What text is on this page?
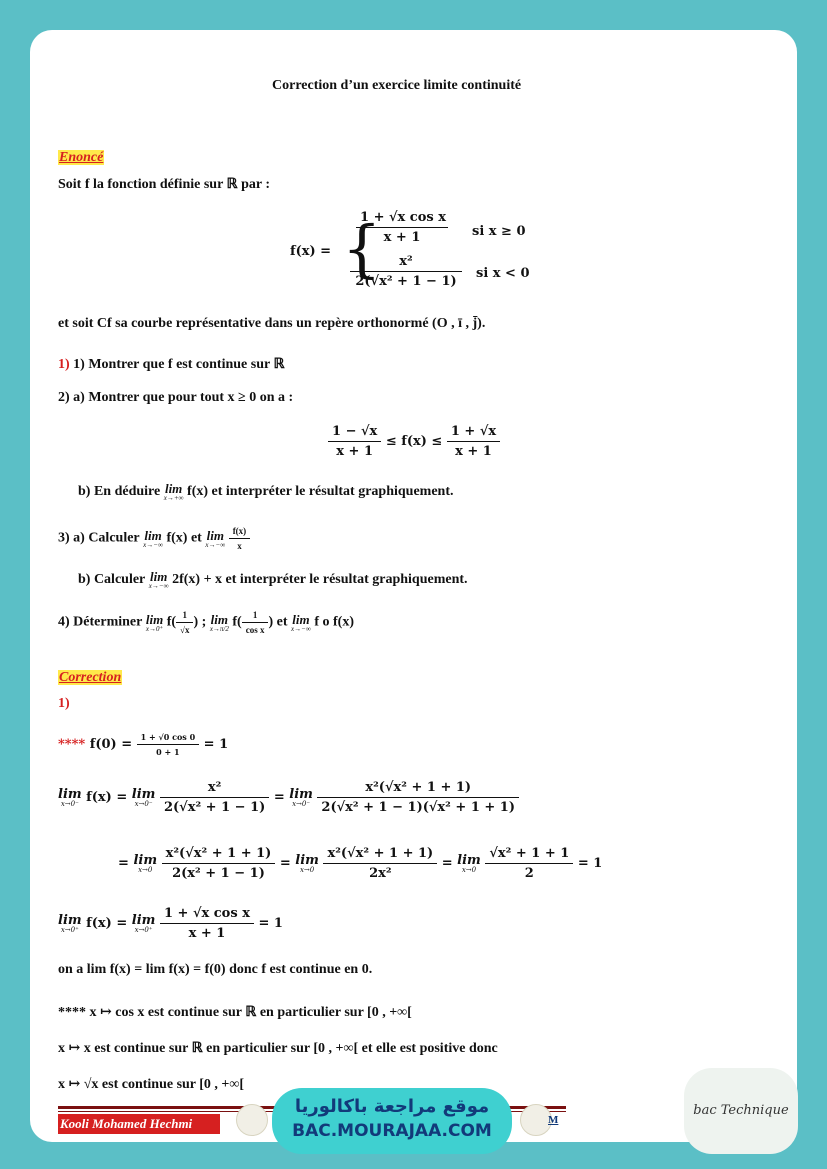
Correction d’un exercice limite continuité
Enoncé
Soit f la fonction définie sur ℝ par :
f(x) = {
$\frac{\text{1 + √x cos x}}{x + 1}$ si x ≥ 0
$\frac{\text{x²}}{\text{2(√x² + 1 − 1)}}$ si x < 0
et soit Cf sa courbe représentative dans un repère orthonormé (O , ī , j̄).
1) 1) Montrer que f est continue sur ℝ
2) a) Montrer que pour tout x ≥ 0 on a :
$\frac{1 - √x}{x + 1} \le f(x) \le \frac{1 + √x}{x + 1}$
b) En déduire lim
x→+∞ f(x) et interpréter le résultat graphiquement.
3) a) Calculer lim
x→−∞ f(x) et lim
x→−∞
$\frac{f(x)}{x}$
b) Calculer lim
x→−∞ 2f(x) + x et interpréter le résultat graphiquement.
4) Déterminer lim
x→0⁺ $f( \frac{1}{√x}$ ) ; lim
x→π/2 $f( \frac{1}{\text{cos x}}$ ) et lim
x→−∞ f o f(x)
Correction
1)
**** $f(0) = \frac{1 + √0 \cos 0}{0 + 1} = 1$
lim
x→0⁻ f(x) = lim
x→0⁻
$\frac{\text{x²}}{\text{2(√x² + 1 − 1)}} = \lim$
x→0⁻
$\frac{\text{x²(√x² + 1 + 1)}}{\text{2(√x² + 1 − 1)(√x² + 1 + 1)}}$
= lim
x→0
$\frac{\text{x²(√x² + 1 + 1)}}{\text{2(x² + 1 − 1)}} = \lim$
x→0
$\frac{\text{x²(√x² + 1 + 1)}}{\text{2x²}} = \lim$
x→0
$\frac{\text{√x² + 1 + 1}}{2} = 1$
lim
x→0⁺ f(x) = lim
x→0⁺
$\frac{\text{1 + √x cos x}}{x + 1} = 1$
on a lim f(x) = lim f(x) = f(0) donc f est continue en 0.
**** x ↦ cos x est continue sur ℝ en particulier sur [0 , +∞[
x ↦ x est continue sur ℝ en particulier sur [0 , +∞[ et elle est positive donc
x ↦ √x est continue sur [0 , +∞[
Kooli Mohamed Hechmi	M
موقع مراجعة باكالوريا
BAC.MOURAJAA.COM
bac Technique
